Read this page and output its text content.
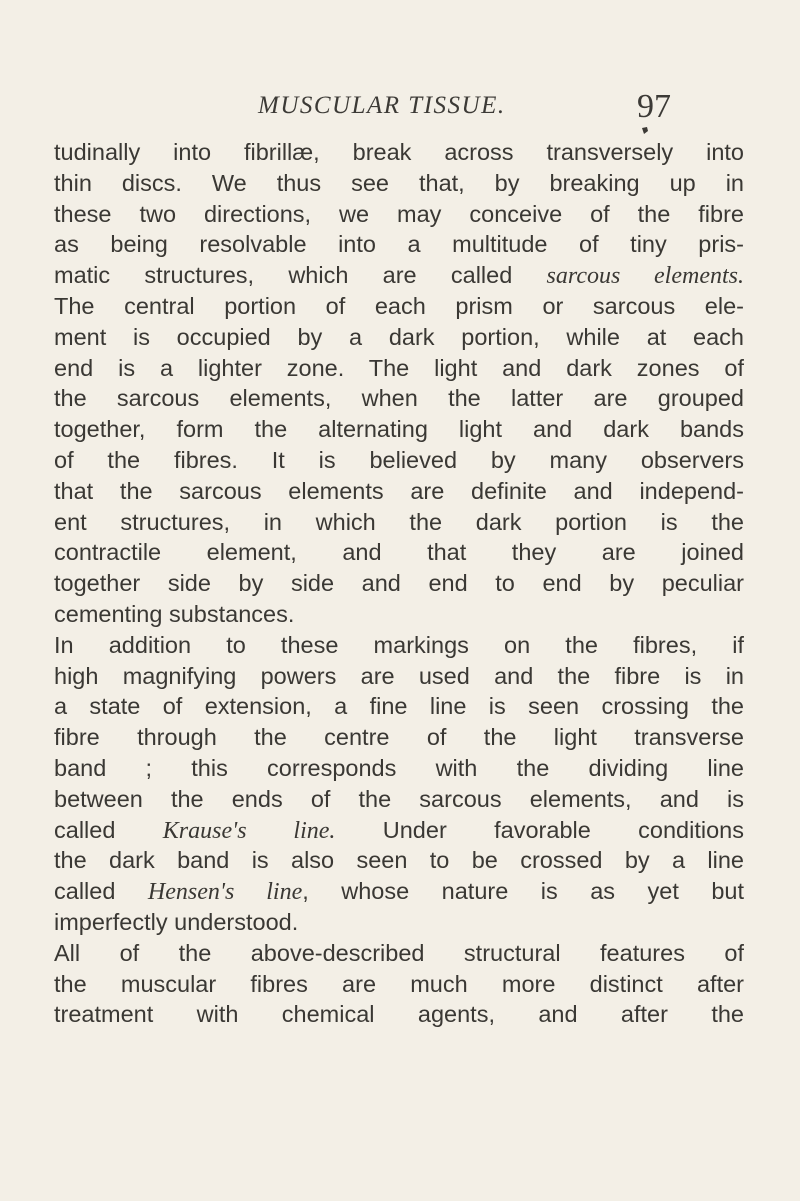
MUSCULAR TISSUE.	97
tudinally into fibrillæ, break across transversely into
thin discs. We thus see that, by breaking up in
these two directions, we may conceive of the fibre
as being resolvable into a multitude of tiny pris-
matic structures, which are called sarcous elements.
The central portion of each prism or sarcous ele-
ment is occupied by a dark portion, while at each
end is a lighter zone. The light and dark zones of
the sarcous elements, when the latter are grouped
together, form the alternating light and dark bands
of the fibres. It is believed by many observers
that the sarcous elements are definite and independ-
ent structures, in which the dark portion is the
contractile element, and that they are joined
together side by side and end to end by peculiar
cementing substances.
In addition to these markings on the fibres, if
high magnifying powers are used and the fibre is in
a state of extension, a fine line is seen crossing the
fibre through the centre of the light transverse
band ; this corresponds with the dividing line
between the ends of the sarcous elements, and is
called Krause's line. Under favorable conditions
the dark band is also seen to be crossed by a line
called Hensen's line, whose nature is as yet but
imperfectly understood.
All of the above-described structural features of
the muscular fibres are much more distinct after
treatment with chemical agents, and after the
